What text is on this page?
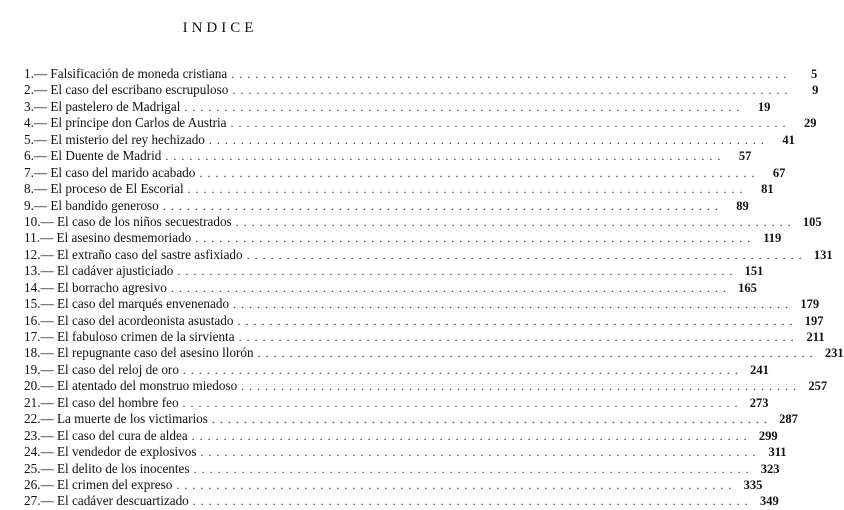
INDICE
1. — Falsificación de moneda cristiana . . .	5
2. — El caso del escribano escrupuloso . . .	9
3. — El pastelero de Madrigal . . .	19
4. — El príncipe don Carlos de Austria . . .	29
5. — El misterio del rey hechizado . . .	41
6. — El Duente de Madrid . . .	57
7. — El caso del marido acabado . . .	67
8. — El proceso de El Escorial . . .	81
9. — El bandido generoso . . .	89
10. — El caso de los niños secuestrados . . .	105
11. — El asesino desmemoriado . . .	119
12. — El extraño caso del sastre asfixiado . . .	131
13. — El cadáver ajusticiado . . .	151
14. — El borracho agresivo . . .	165
15. — El caso del marqués envenenado . . .	179
16. — El caso del acordeonista asustado . . .	197
17. — El fabuloso crimen de la sirvienta . . .	211
18. — El repugnante caso del asesino llorón . . .	231
19. — El caso del reloj de oro . . .	241
20. — El atentado del monstruo miedoso . . .	257
21. — El caso del hombre feo . . .	273
22. — La muerte de los victimarios . . .	287
23. — El caso del cura de aldea . . .	299
24. — El vendedor de explosivos . . .	311
25. — El delito de los inocentes . . .	323
26. — El crimen del expreso . . .	335
27. — El cadáver descuartizado . . .	349
